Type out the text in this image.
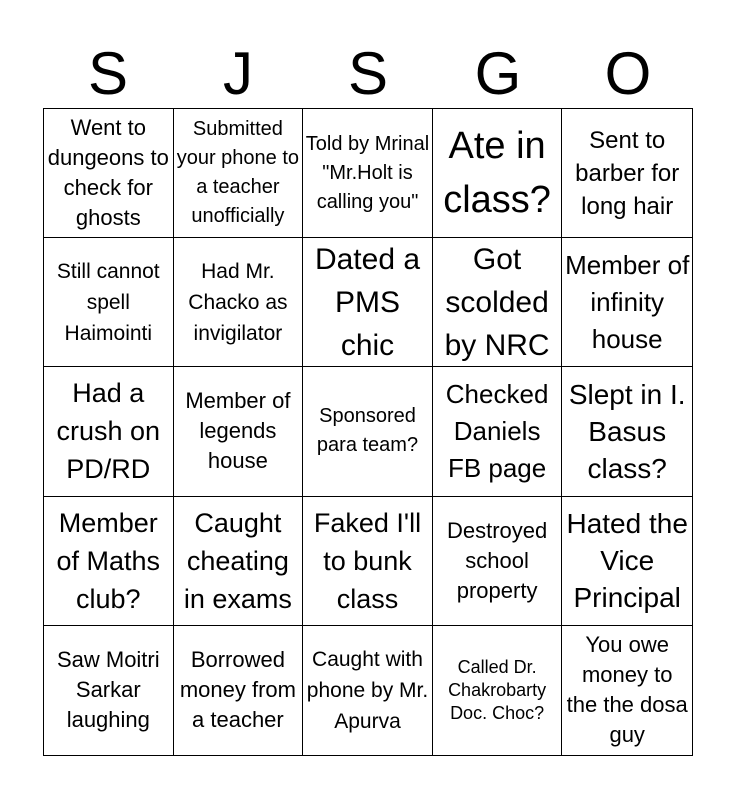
S	J	S	G	O
Went to dungeons to check for ghosts
Submitted your phone to a teacher unofficially
Told by Mrinal "Mr.Holt is calling you"
Ate in class?
Sent to barber for long hair
Still cannot spell Haimointi
Had Mr. Chacko as invigilator
Dated a PMS chic
Got scolded by NRC
Member of infinity house
Had a crush on PD/RD
Member of legends house
Sponsored para team?
Checked Daniels FB page
Slept in I. Basus class?
Member of Maths club?
Caught cheating in exams
Faked I'll to bunk class
Destroyed school property
Hated the Vice Principal
Saw Moitri Sarkar laughing
Borrowed money from a teacher
Caught with phone by Mr. Apurva
Called Dr. Chakrobarty Doc. Choc?
You owe money to the the dosa guy
